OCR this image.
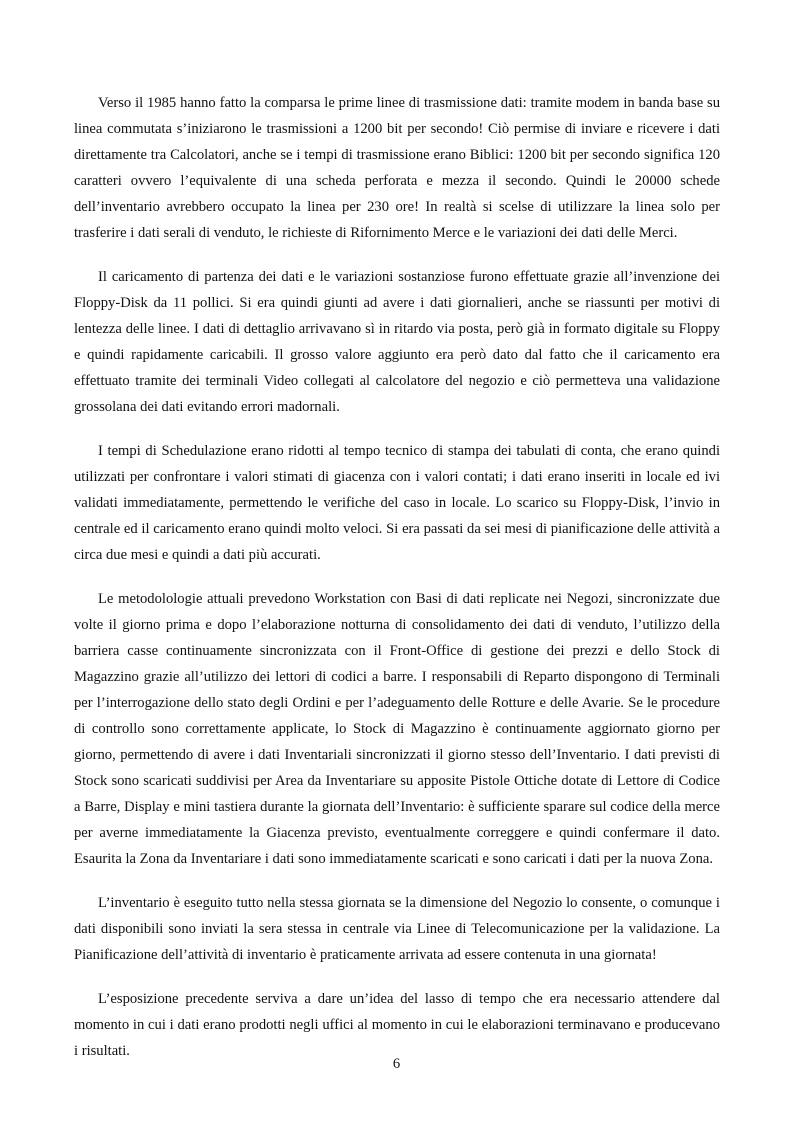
Verso il 1985 hanno fatto la comparsa le prime linee di trasmissione dati: tramite modem in banda base su linea commutata s’iniziarono le trasmissioni a 1200 bit per secondo! Ciò permise di inviare e ricevere i dati direttamente tra Calcolatori, anche se i tempi di trasmissione erano Biblici: 1200 bit per secondo significa 120 caratteri ovvero l’equivalente di una scheda perforata e mezza il secondo. Quindi le 20000 schede dell’inventario avrebbero occupato la linea per 230 ore! In realtà si scelse di utilizzare la linea solo per trasferire i dati serali di venduto, le richieste di Rifornimento Merce e le variazioni dei dati delle Merci.

Il caricamento di partenza dei dati e le variazioni sostanziose furono effettuate grazie all’invenzione dei Floppy-Disk da 11 pollici. Si era quindi giunti ad avere i dati giornalieri, anche se riassunti per motivi di lentezza delle linee. I dati di dettaglio arrivavano sì in ritardo via posta, però già in formato digitale su Floppy e quindi rapidamente caricabili. Il grosso valore aggiunto era però dato dal fatto che il caricamento era effettuato tramite dei terminali Video collegati al calcolatore del negozio e ciò permetteva una validazione grossolana dei dati evitando errori madornali.

I tempi di Schedulazione erano ridotti al tempo tecnico di stampa dei tabulati di conta, che erano quindi utilizzati per confrontare i valori stimati di giacenza con i valori contati; i dati erano inseriti in locale ed ivi validati immediatamente, permettendo le verifiche del caso in locale. Lo scarico su Floppy-Disk, l’invio in centrale ed il caricamento erano quindi molto veloci. Si era passati da sei mesi di pianificazione delle attività a circa due mesi e quindi a dati più accurati.

Le metodolologie attuali prevedono Workstation con Basi di dati replicate nei Negozi, sincronizzate due volte il giorno prima e dopo l’elaborazione notturna di consolidamento dei dati di venduto, l’utilizzo della barriera casse continuamente sincronizzata con il Front-Office di gestione dei prezzi e dello Stock di Magazzino grazie all’utilizzo dei lettori di codici a barre. I responsabili di Reparto dispongono di Terminali per l’interrogazione dello stato degli Ordini e per l’adeguamento delle Rotture e delle Avarie. Se le procedure di controllo sono correttamente applicate, lo Stock di Magazzino è continuamente aggiornato giorno per giorno, permettendo di avere i dati Inventariali sincronizzati il giorno stesso dell’Inventario. I dati previsti di Stock sono scaricati suddivisi per Area da Inventariare su apposite Pistole Ottiche dotate di Lettore di Codice a Barre, Display e mini tastiera durante la giornata dell’Inventario: è sufficiente sparare sul codice della merce per averne immediatamente la Giacenza previsto, eventualmente correggere e quindi confermare il dato. Esaurita la Zona da Inventariare i dati sono immediatamente scaricati e sono caricati i dati per la nuova Zona.

L’inventario è eseguito tutto nella stessa giornata se la dimensione del Negozio lo consente, o comunque i dati disponibili sono inviati la sera stessa in centrale via Linee di Telecomunicazione per la validazione. La Pianificazione dell’attività di inventario è praticamente arrivata ad essere contenuta in una giornata!

L’esposizione precedente serviva a dare un’idea del lasso di tempo che era necessario attendere dal momento in cui i dati erano prodotti negli uffici al momento in cui le elaborazioni terminavano e producevano i risultati.

6
